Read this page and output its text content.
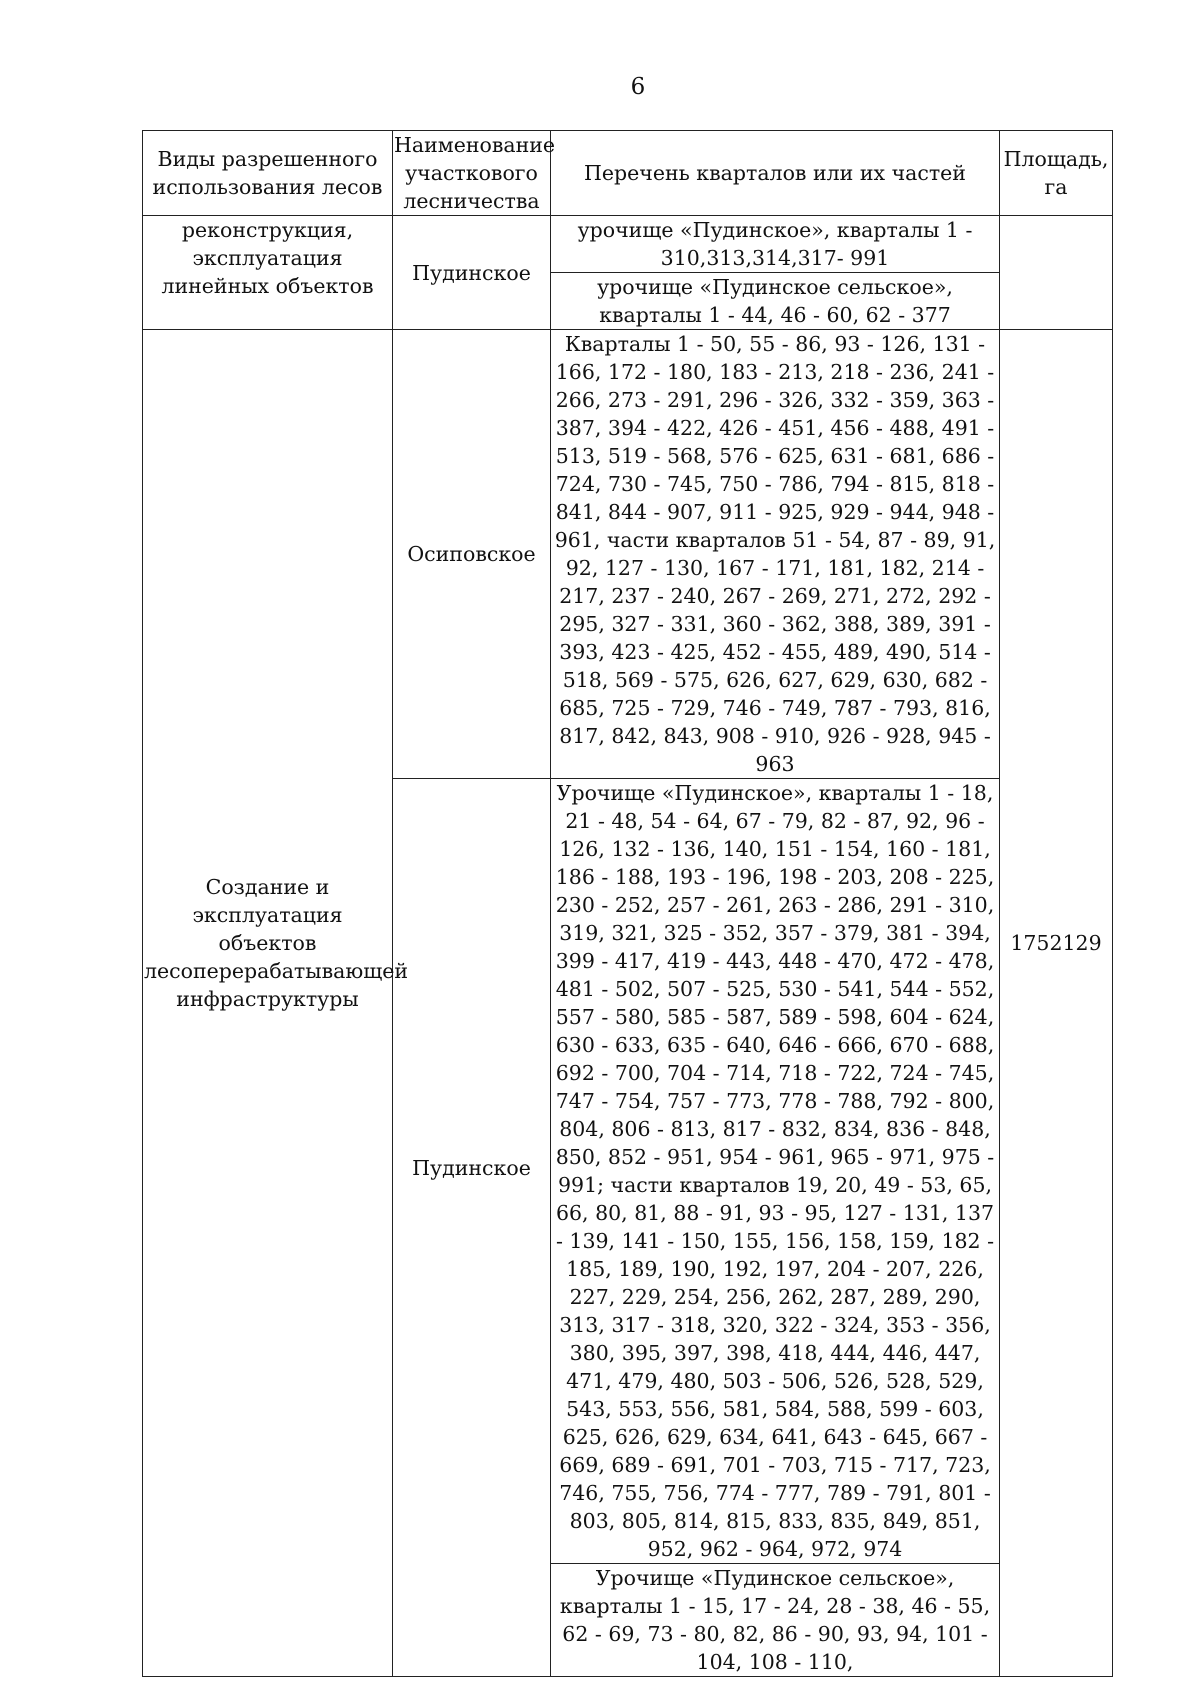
6
Виды разрешенного использования лесов	Наименование участкового лесничества	Перечень кварталов или их частей	Площадь, га
реконструкция, эксплуатация линейных объектов	Пудинское	урочище «Пудинское», кварталы 1 - 310,313,314,317- 991	
		урочище «Пудинское сельское», кварталы 1 - 44, 46 - 60, 62 - 377	
Создание и эксплуатация объектов лесоперерабатывающей инфраструктуры	Осиповское	Кварталы 1 - 50, 55 - 86, 93 - 126, 131 - 166, 172 - 180, 183 - 213, 218 - 236, 241 - 266, 273 - 291, 296 - 326, 332 - 359, 363 - 387, 394 - 422, 426 - 451, 456 - 488, 491 - 513, 519 - 568, 576 - 625, 631 - 681, 686 - 724, 730 - 745, 750 - 786, 794 - 815, 818 - 841, 844 - 907, 911 - 925, 929 - 944, 948 - 961, части кварталов 51 - 54, 87 - 89, 91, 92, 127 - 130, 167 - 171, 181, 182, 214 - 217, 237 - 240, 267 - 269, 271, 272, 292 - 295, 327 - 331, 360 - 362, 388, 389, 391 - 393, 423 - 425, 452 - 455, 489, 490, 514 - 518, 569 - 575, 626, 627, 629, 630, 682 - 685, 725 - 729, 746 - 749, 787 - 793, 816, 817, 842, 843, 908 - 910, 926 - 928, 945 - 963	1752129
	Пудинское	Урочище «Пудинское», кварталы 1 - 18, 21 - 48, 54 - 64, 67 - 79, 82 - 87, 92, 96 - 126, 132 - 136, 140, 151 - 154, 160 - 181, 186 - 188, 193 - 196, 198 - 203, 208 - 225, 230 - 252, 257 - 261, 263 - 286, 291 - 310, 319, 321, 325 - 352, 357 - 379, 381 - 394, 399 - 417, 419 - 443, 448 - 470, 472 - 478, 481 - 502, 507 - 525, 530 - 541, 544 - 552, 557 - 580, 585 - 587, 589 - 598, 604 - 624, 630 - 633, 635 - 640, 646 - 666, 670 - 688, 692 - 700, 704 - 714, 718 - 722, 724 - 745, 747 - 754, 757 - 773, 778 - 788, 792 - 800, 804, 806 - 813, 817 - 832, 834, 836 - 848, 850, 852 - 951, 954 - 961, 965 - 971, 975 - 991; части кварталов 19, 20, 49 - 53, 65, 66, 80, 81, 88 - 91, 93 - 95, 127 - 131, 137 - 139, 141 - 150, 155, 156, 158, 159, 182 - 185, 189, 190, 192, 197, 204 - 207, 226, 227, 229, 254, 256, 262, 287, 289, 290, 313, 317 - 318, 320, 322 - 324, 353 - 356, 380, 395, 397, 398, 418, 444, 446, 447, 471, 479, 480, 503 - 506, 526, 528, 529, 543, 553, 556, 581, 584, 588, 599 - 603, 625, 626, 629, 634, 641, 643 - 645, 667 - 669, 689 - 691, 701 - 703, 715 - 717, 723, 746, 755, 756, 774 - 777, 789 - 791, 801 - 803, 805, 814, 815, 833, 835, 849, 851, 952, 962 - 964, 972, 974	
		Урочище «Пудинское сельское», кварталы 1 - 15, 17 - 24, 28 - 38, 46 - 55, 62 - 69, 73 - 80, 82, 86 - 90, 93, 94, 101 - 104, 108 - 110,	
